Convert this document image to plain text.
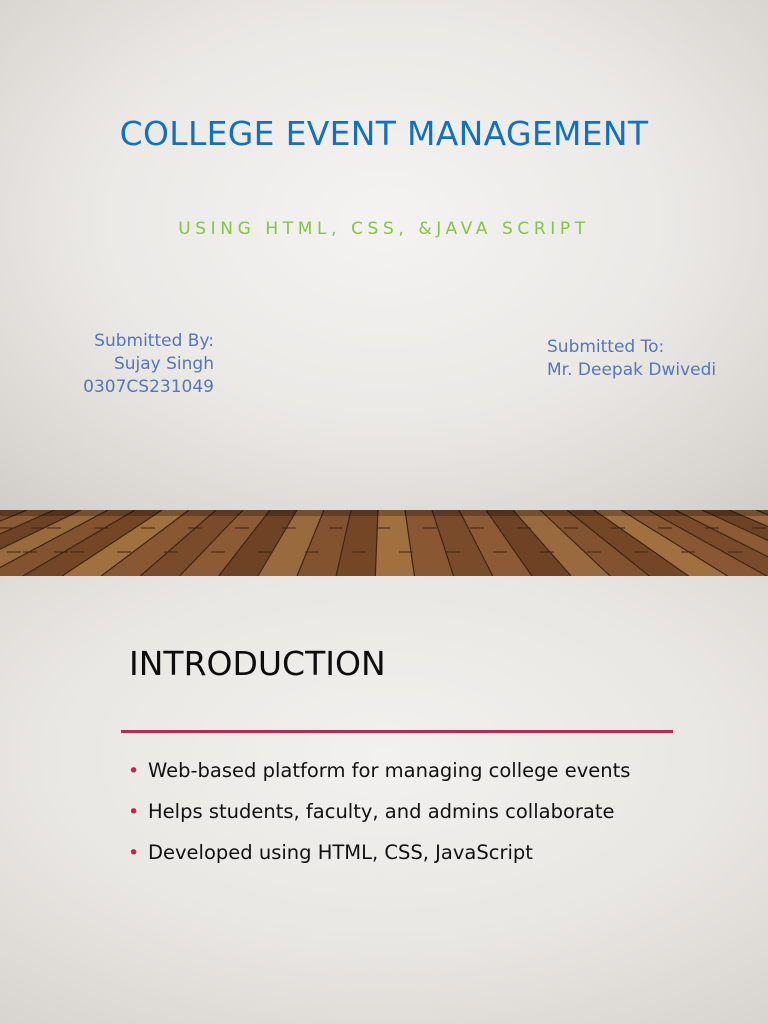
COLLEGE EVENT MANAGEMENT
USING HTML, CSS, &JAVA SCRIPT
Submitted By:
Sujay Singh
0307CS231049
Submitted To:
Mr. Deepak Dwivedi
INTRODUCTION
• Web-based platform for managing college events
• Helps students, faculty, and admins collaborate
• Developed using HTML, CSS, JavaScript
